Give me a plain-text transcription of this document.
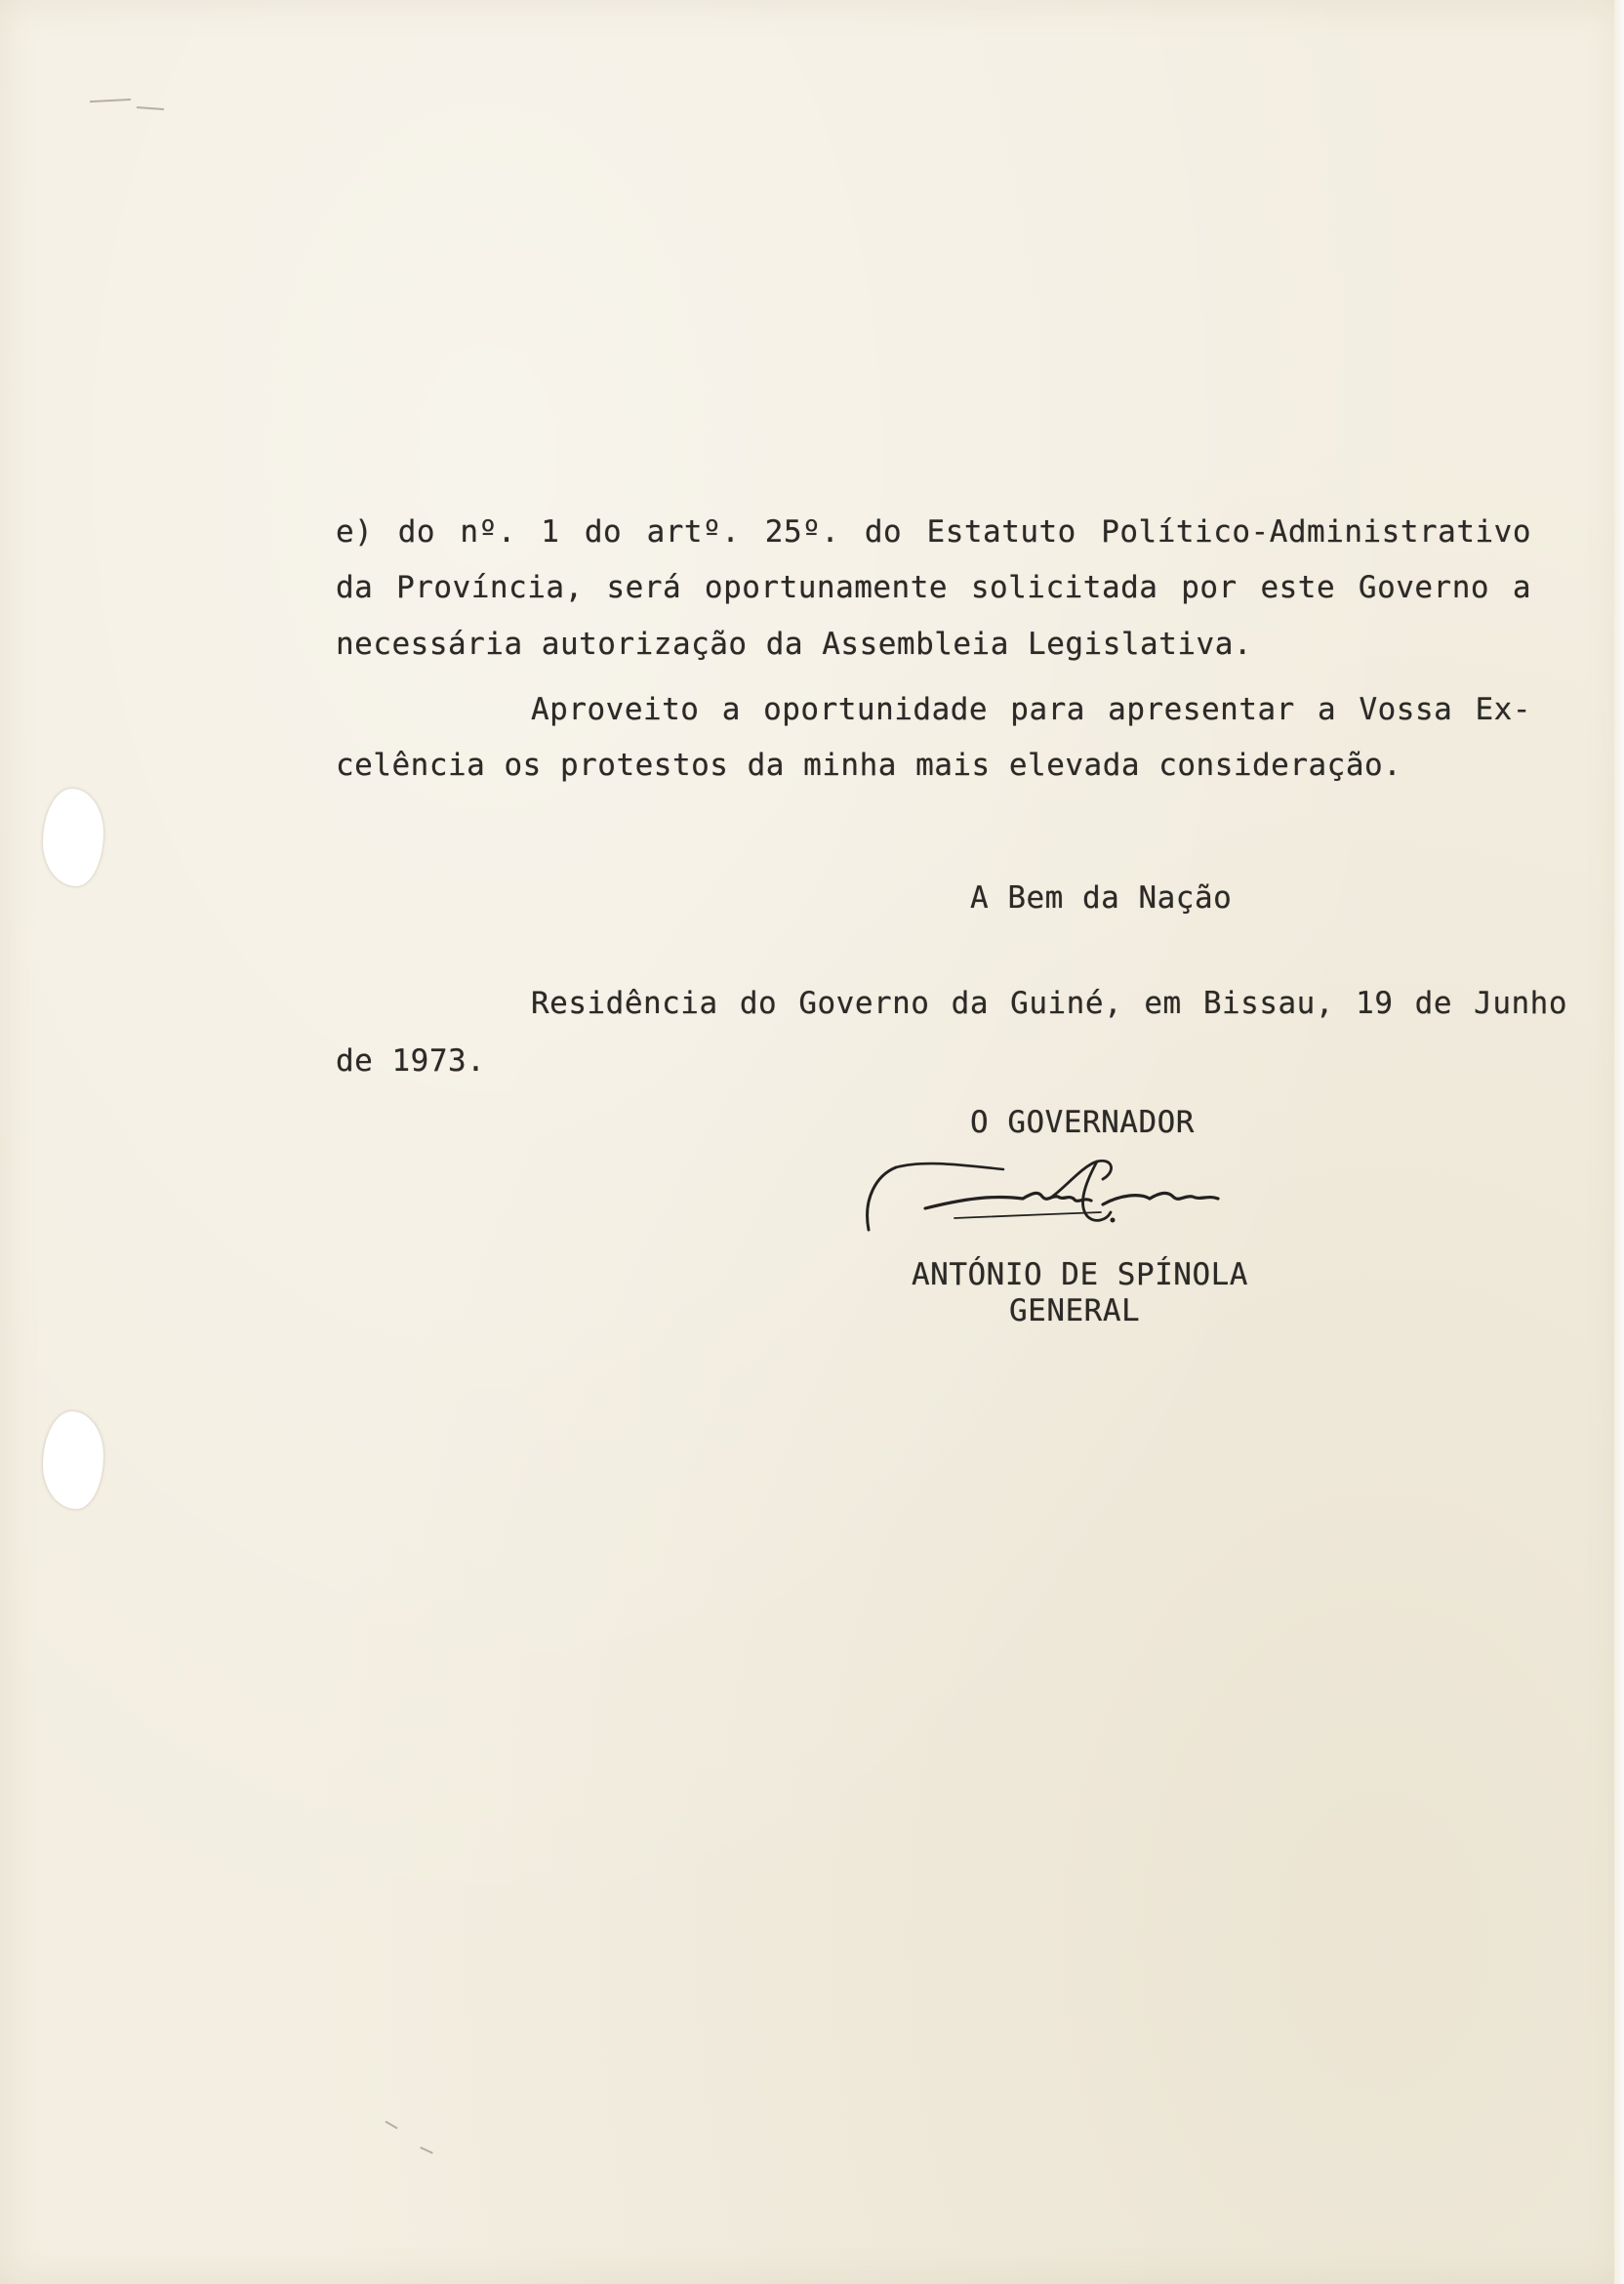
e) do nº. 1 do artº. 25º. do Estatuto Político-Administrativo
da Província, será oportunamente solicitada por este Governo a
necessária autorização da Assembleia Legislativa.
Aproveito a oportunidade para apresentar a Vossa Ex-
celência os protestos da minha mais elevada consideração.
A Bem da Nação
Residência do Governo da Guiné, em Bissau, 19 de Junho
de 1973.
O GOVERNADOR
ANTÓNIO DE SPÍNOLA
GENERAL
